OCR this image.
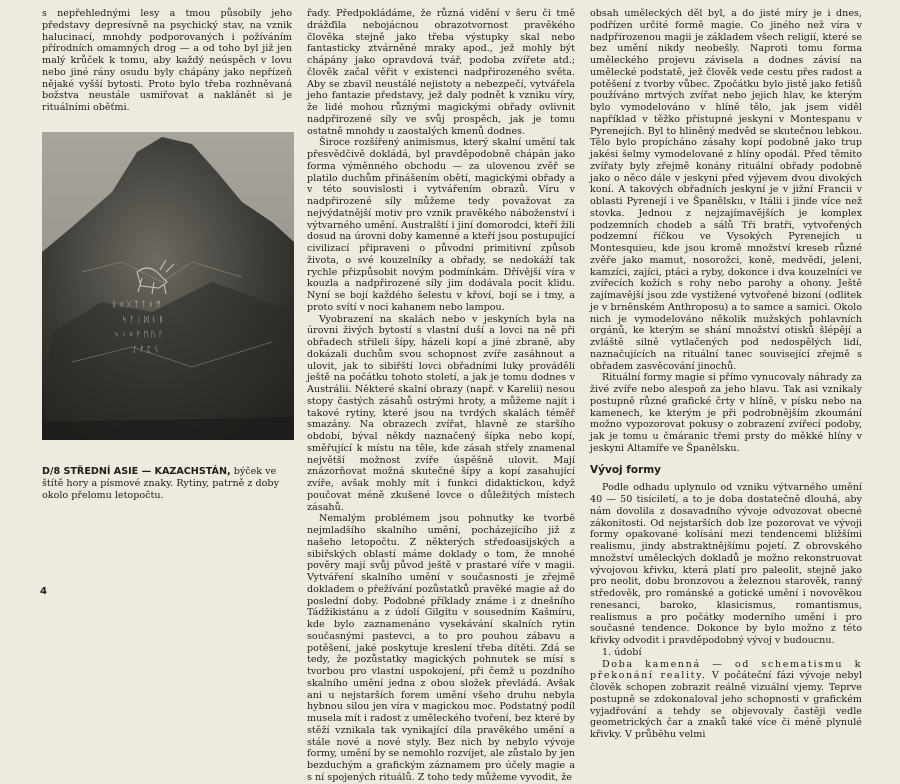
s nepřehlednými lesy a tmou působily jeho představy depresívně na psychický stav, na vznik halucinací, mnohdy podporovaných i požíváním přírodních omamných drog — a od toho byl již jen malý krůček k tomu, aby každý neúspěch v lovu nebo jiné rány osudu byly chápány jako nepřízeň nějaké vyšší bytosti. Proto bylo třeba rozhněvaná božstva neustále usmiřovat a naklánět si je rituálními oběťmi.

ᚱ ᛟ ᚷ ᛉ ᛏ ᚦ ᛗ
ᛋ ᚨ ᛁ ᛞ ᚾ ᛒ
ᛃ ᚲ ᛜ ᚹ ᛖ ᚢ ᛚ
ᛇ ᚠ ᛈ ᛊ
D/8 STŘEDNÍ ASIE — KAZACHSTÁN, býček ve štítě hory a písmové znaky. Rytiny, patrně z doby okolo přelomu letopočtu.

řady. Předpokládáme, že různá vidění v šeru či tmě drážďila nebojácnou obrazotvornost pravěkého člověka stejně jako třeba výstupky skal nebo fantasticky ztvárněné mraky apod., jež mohly být chápány jako opravdová tvář, podoba zvířete atd.; člověk začal věřit v existenci nadpřirozeného světa. Aby se zbavil neustálé nejistoty a nebezpečí, vytvářela jeho fantazie představy, jež daly podnět k vzniku víry, že lidé mohou různými magickými obřady ovlivnit nadpřirozené síly ve svůj prospěch, jak je tomu ostatně mnohdy u zaostalých kmenů dodnes.

Široce rozšířený animismus, který skalní umění tak přesvědčivě dokládá, byl pravděpodobně chápán jako forma výměnného obchodu — za ulovenou zvěř se platilo duchům přinášením obětí, magickými obřady a v této souvislosti i vytvářením obrazů. Víru v nadpřirozené síly můžeme tedy považovat za nejvýdatnější motiv pro vznik pravěkého náboženství i výtvarného umění. Australští i jiní domorodci, kteří žili dosud na úrovni doby kamenné a kteří jsou postupující civilizací připraveni o původní primitivní způsob života, o své kouzelníky a obřady, se nedokáží tak rychle přizpůsobit novým podmínkám. Dřívější víra v kouzla a nadpřirozené síly jim dodávala pocit klidu. Nyní se bojí každého šelestu v křoví, bojí se i tmy, a proto svítí v noci kahanem nebo lampou.

Vyobrazení na skalách nebo v jeskyních byla na úrovni živých bytostí s vlastní duší a lovci na ně při obřadech střileli šípy, házeli kopí a jiné zbraně, aby dokázali duchům svou schopnost zvíře zasáhnout a ulovit, jak to sibiřští lovci obřadními luky prováděli ještě na počátku tohoto století, a jak je tomu dodnes v Austrálii. Některé skalní obrazy (např. v Karelii) nesou stopy častých zásahů ostrými hroty, a můžeme najít i takové rytiny, které jsou na tvrdých skalách téměř smazány. Na obrazech zvířat, hlavně ze staršího období, býval někdy naznačený šípka nebo kopí, směřující k místu na těle, kde zásah střely znamenal největší možnost zvíře úspěšně ulovit. Mají znázorňovat možná skutečné šípy a kopí zasahující zvíře, avšak mohly mít i funkci didaktickou, když poučovat méně zkušené lovce o důležitých místech zásahů.

Nemalým problémem jsou pohnutky ke tvorbě nejmladšího skalního umění, pocházejícího již z našeho letopočtu. Z některých středoasijských a sibiřských oblastí máme doklady o tom, že mnohé pověry mají svůj původ ještě v prastaré víře v magii. Vytváření skalního umění v současnosti je zřejmě dokladem o přežívání pozůstatků pravěké magie až do poslední doby. Podobné příklady známe i z dnešního Tádžikistánu a z údolí Gilgitu v sousedním Kašmíru, kde bylo zaznamenáno vysekávání skalních rytin současnými pastevci, a to pro pouhou zábavu a potěšení, jaké poskytuje kreslení třeba dítěti. Zdá se tedy, že pozůstatky magických pohnutek se mísí s tvorbou pro vlastní uspokojení, při čemž u pozdního skalního umění jedna z obou složek převládá. Avšak ani u nejstarších forem umění všeho druhu nebyla hybnou silou jen víra v magickou moc. Podstatný podíl musela mít i radost z uměleckého tvoření, bez které by stěží vznikala tak vynikající díla pravěkého umění a stále nové a nové styly. Bez nich by nebylo vývoje formy, umění by se nemohlo rozvíjet, ale zůstalo by jen bezduchým a grafickým záznamem pro účely magie a s ní spojených rituálů. Z toho tedy můžeme vyvodit, že

obsah uměleckých děl byl, a do jisté míry je i dnes, podřízen určité formě magie. Co jiného než víra v nadpřirozenou magii je základem všech religií, které se bez umění nikdy neobešly. Naproti tomu forma uměleckého projevu závisela a dodnes závisí na umělecké podstatě, jež člověk vede cestu přes radost a potěšení z tvorby vůbec. Zpočátku bylo jistě jako fetišů používáno mrtvých zvířat nebo jejich hlav, ke kterým bylo vymodelováno v hlíně tělo, jak jsem viděl například v těžko přístupné jeskyni v Montespanu v Pyrenejích. Byl to hliněný medvěd se skutečnou lebkou. Tělo bylo propícháno zásahy kopí podobně jako trup jakési šelmy vymodelované z hlíny opodál. Před těmito zvířaty byly zřejmě konány rituální obřady podobně jako o něco dále v jeskyni před výjevem dvou divokých koní. A takových obřadních jeskyní je v jižní Francii v oblasti Pyrenejí i ve Španělsku, v Itálii i jinde více než stovka. Jednou z nejzajímavějších je komplex podzemních chodeb a sálů Tři bratři, vytvořených podzemní říčkou ve Vysokých Pyrenejích u Montesquieu, kde jsou kromě množství kreseb různé zvěře jako mamut, nosorožci, koně, medvědi, jeleni, kamzíci, zajíci, ptáci a ryby, dokonce i dva kouzelníci ve zvířecích kožích s rohy nebo parohy a ohony. Ještě zajímavější jsou zde vystižené vytvořené bizoní (odlitek je v brněnském Anthroposu) a to samce a samici. Okolo nich je vymodelováno několik mužských pohlavních orgánů, ke kterým se shání množství otisků šlépějí a zvláště silně vytlačených pod nedospělých lidí, naznačujících na rituální tanec související zřejmě s obřadem zasvěcování jinochů.

Rituální formy magie si přímo vynucovaly náhrady za živé zvíře nebo alespoň za jeho hlavu. Tak asi vznikaly postupně různé grafické črty v hlíně, v písku nebo na kamenech, ke kterým je při podrobnějším zkoumání možno vypozorovat pokusy o zobrazení zvířecí podoby, jak je tomu u čmáranic třemi prsty do měkké hlíny v jeskyni Altamíře ve Španělsku.

Vývoj formy

Podle odhadu uplynulo od vzniku výtvarného umění 40 — 50 tisíciletí, a to je doba dostatečně dlouhá, aby nám dovolila z dosavadního vývoje odvozovat obecné zákonitosti. Od nejstarších dob lze pozorovat ve vývoji formy opakované kolísání mezi tendencemi bližšími realismu, jindy abstraktnějšímu pojetí. Z obrovského množství uměleckých dokladů je možno rekonstruovat vývojovou křivku, která platí pro paleolit, stejně jako pro neolit, dobu bronzovou a železnou starověk, ranný středověk, pro románské a gotické umění i novověkou renesanci, baroko, klasicismus, romantismus, realismus a pro počátky moderního umění i pro současné tendence. Dokonce by bylo možno z této křivky odvodit i pravděpodobný vývoj v budoucnu.

1. údobí

Doba kamenná — od schematismu k překonání reality. V počáteční fázi vývoje nebyl člověk schopen zobrazit reálně vizuální vjemy. Teprve postupně se zdokonaloval jeho schopnosti v grafickém vyjadřování a tehdy se objevovaly častěji vedle geometrických čar a znaků také více či méně plynulé křivky. V průběhu velmi

4
